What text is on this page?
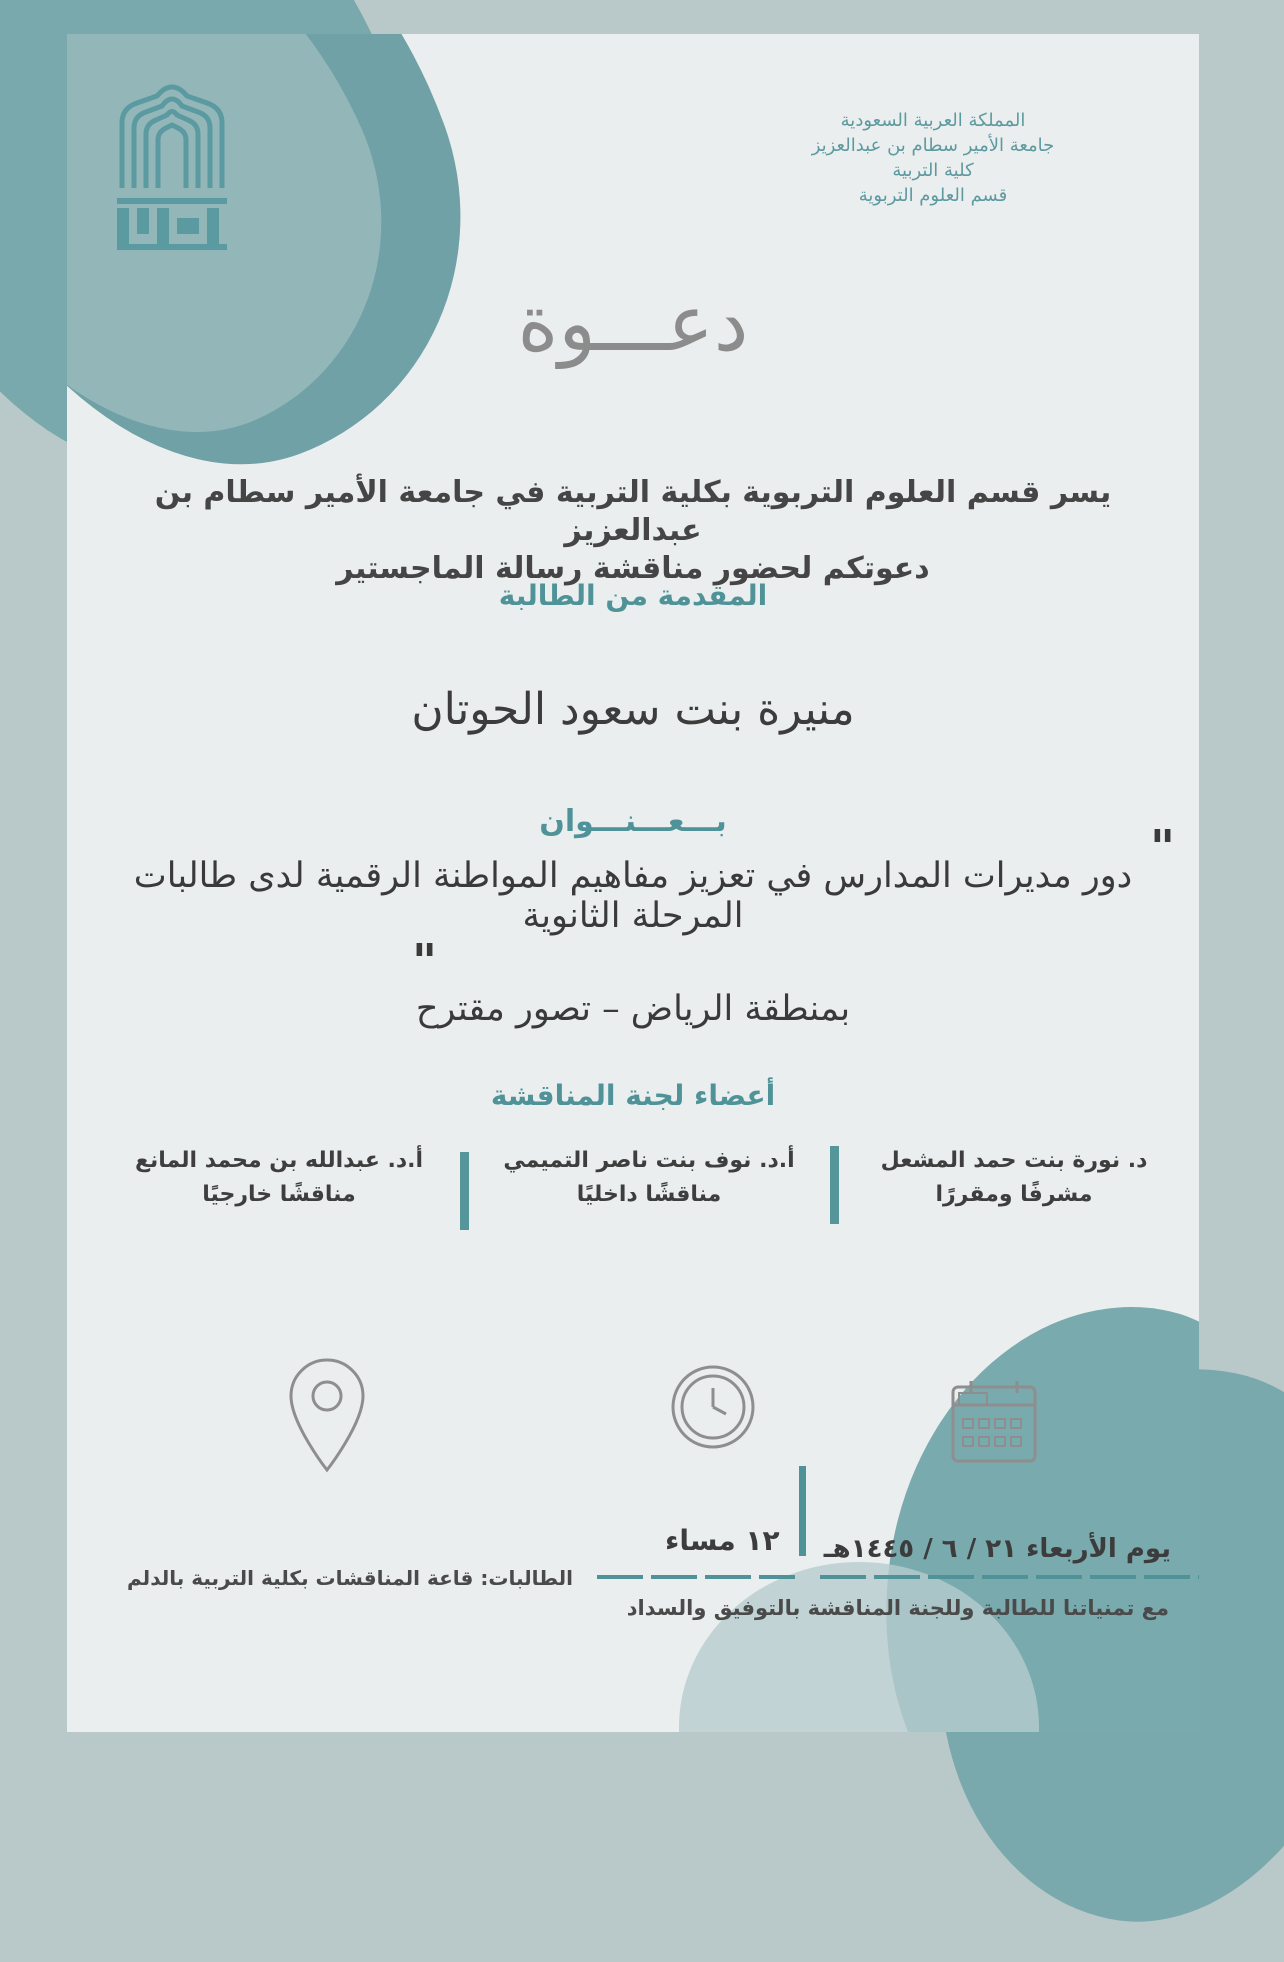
المملكة العربية السعودية
جامعة الأمير سطام بن عبدالعزيز
كلية التربية
قسم العلوم التربوية
دعـــوة
يسر قسم العلوم التربوية بكلية التربية في جامعة الأمير سطام بن عبدالعزيز
دعوتكم لحضور مناقشة رسالة الماجستير
المقدمة من الطالبة
منيرة بنت سعود الحوتان
بـــعـــنـــوان	"
دور مديرات المدارس في تعزيز مفاهيم المواطنة الرقمية لدى طالبات المرحلة الثانوية
"
بمنطقة الرياض – تصور مقترح
أعضاء لجنة المناقشة
د. نورة بنت حمد المشعل
مشرفًا ومقررًا
أ.د. نوف بنت ناصر التميمي
مناقشًا داخليًا
أ.د. عبدالله بن محمد المانع
مناقشًا خارجيًا
يوم الأربعاء ٢١ / ٦ / ١٤٤٥هـ
١٢ مساء
الطالبات: قاعة المناقشات بكلية التربية بالدلم
مع تمنياتنا للطالبة وللجنة المناقشة بالتوفيق والسداد
